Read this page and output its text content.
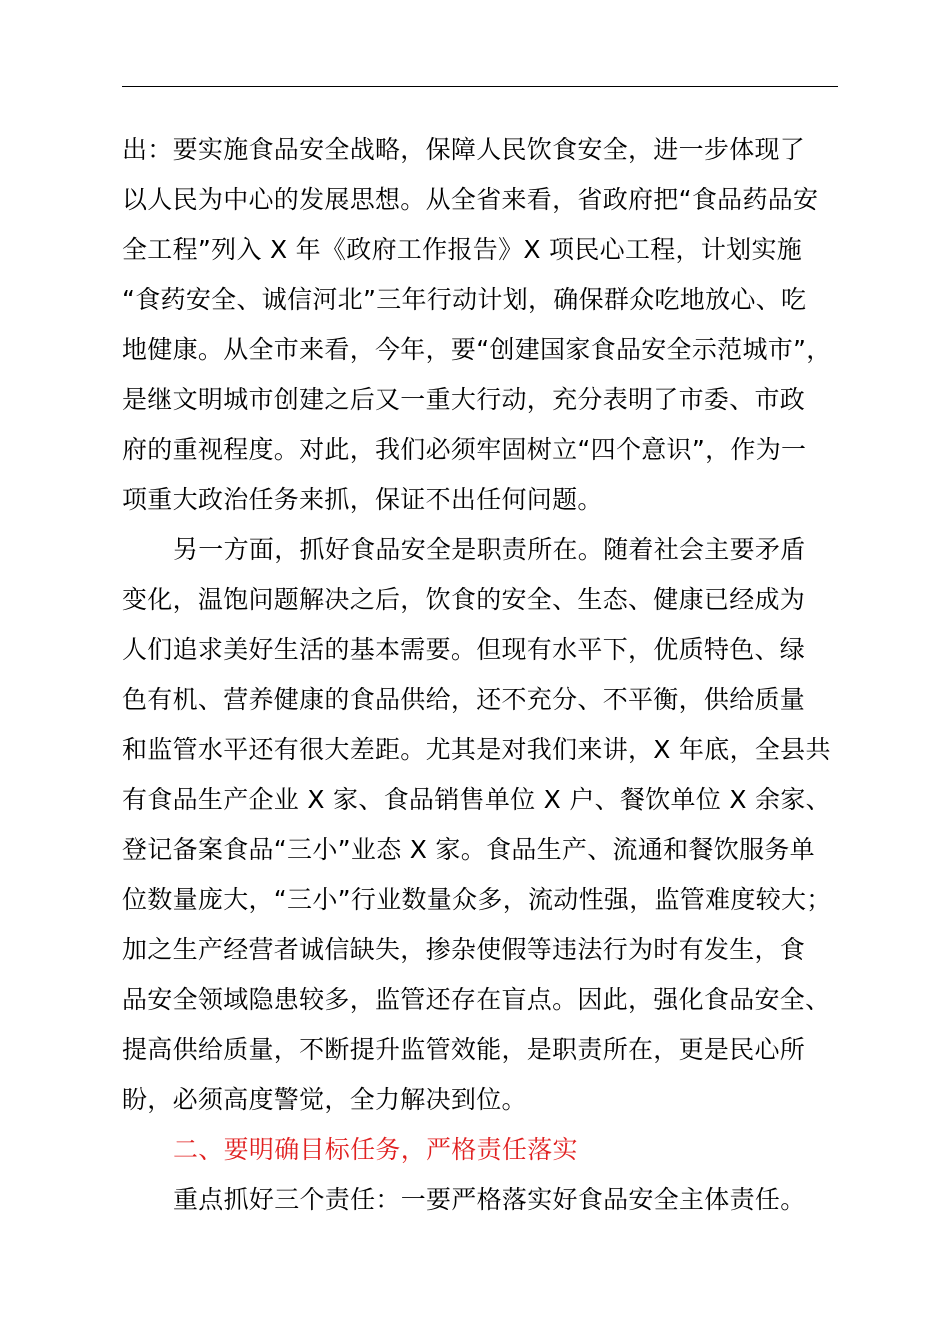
出：要实施食品安全战略，保障人民饮食安全，进一步体现了
以人民为中心的发展思想。从全省来看，省政府把“食品药品安
全工程”列入 X 年《政府工作报告》X 项民心工程，计划实施
“食药安全、诚信河北”三年行动计划，确保群众吃地放心、吃
地健康。从全市来看，今年，要“创建国家食品安全示范城市”，
是继文明城市创建之后又一重大行动，充分表明了市委、市政
府的重视程度。对此，我们必须牢固树立“四个意识”，作为一
项重大政治任务来抓，保证不出任何问题。
另一方面，抓好食品安全是职责所在。随着社会主要矛盾
变化，温饱问题解决之后，饮食的安全、生态、健康已经成为
人们追求美好生活的基本需要。但现有水平下，优质特色、绿
色有机、营养健康的食品供给，还不充分、不平衡，供给质量
和监管水平还有很大差距。尤其是对我们来讲，X 年底，全县共
有食品生产企业 X 家、食品销售单位 X 户、餐饮单位 X 余家、
登记备案食品“三小”业态 X 家。食品生产、流通和餐饮服务单
位数量庞大，“三小”行业数量众多，流动性强，监管难度较大；
加之生产经营者诚信缺失，掺杂使假等违法行为时有发生，食
品安全领域隐患较多，监管还存在盲点。因此，强化食品安全、
提高供给质量，不断提升监管效能，是职责所在，更是民心所
盼，必须高度警觉，全力解决到位。
二、要明确目标任务，严格责任落实
重点抓好三个责任：一要严格落实好食品安全主体责任。
